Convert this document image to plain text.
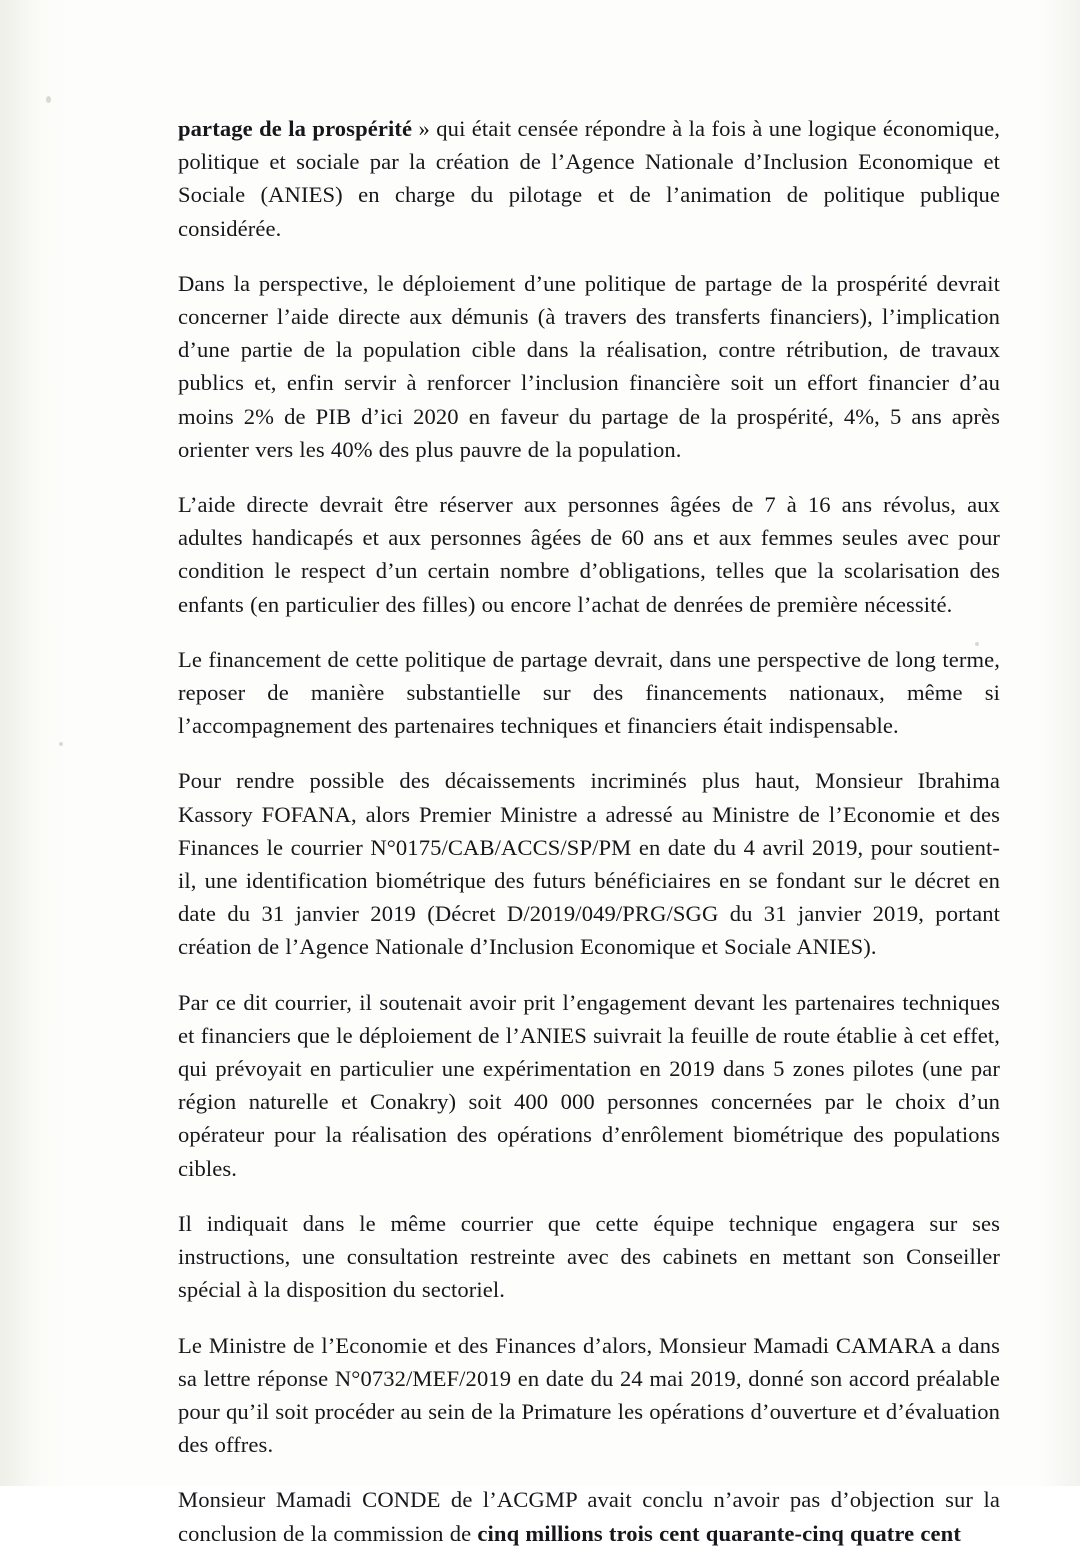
partage de la prospérité » qui était censée répondre à la fois à une logique économique, politique et sociale par la création de l’Agence Nationale d’Inclusion Economique et Sociale (ANIES) en charge du pilotage et de l’animation de politique publique considérée.

Dans la perspective, le déploiement d’une politique de partage de la prospérité devrait concerner l’aide directe aux démunis (à travers des transferts financiers), l’implication d’une partie de la population cible dans la réalisation, contre rétribution, de travaux publics et, enfin servir à renforcer l’inclusion financière soit un effort financier d’au moins 2% de PIB d’ici 2020 en faveur du partage de la prospérité, 4%, 5 ans après orienter vers les 40% des plus pauvre de la population.

L’aide directe devrait être réserver aux personnes âgées de 7 à 16 ans révolus, aux adultes handicapés et aux personnes âgées de 60 ans et aux femmes seules avec pour condition le respect d’un certain nombre d’obligations, telles que la scolarisation des enfants (en particulier des filles) ou encore l’achat de denrées de première nécessité.

Le financement de cette politique de partage devrait, dans une perspective de long terme, reposer de manière substantielle sur des financements nationaux, même si l’accompagnement des partenaires techniques et financiers était indispensable.

Pour rendre possible des décaissements incriminés plus haut, Monsieur Ibrahima Kassory FOFANA, alors Premier Ministre a adressé au Ministre de l’Economie et des Finances le courrier N°0175/CAB/ACCS/SP/PM en date du 4 avril 2019, pour soutient-il, une identification biométrique des futurs bénéficiaires en se fondant sur le décret en date du 31 janvier 2019 (Décret D/2019/049/PRG/SGG du 31 janvier 2019, portant création de l’Agence Nationale d’Inclusion Economique et Sociale ANIES).

Par ce dit courrier, il soutenait avoir prit l’engagement devant les partenaires techniques et financiers que le déploiement de l’ANIES suivrait la feuille de route établie à cet effet, qui prévoyait en particulier une expérimentation en 2019 dans 5 zones pilotes (une par région naturelle et Conakry) soit 400 000 personnes concernées par le choix d’un opérateur pour la réalisation des opérations d’enrôlement biométrique des populations cibles.

Il indiquait dans le même courrier que cette équipe technique engagera sur ses instructions, une consultation restreinte avec des cabinets en mettant son Conseiller spécial à la disposition du sectoriel.

Le Ministre de l’Economie et des Finances d’alors, Monsieur Mamadi CAMARA a dans sa lettre réponse N°0732/MEF/2019 en date du 24 mai 2019, donné son accord préalable pour qu’il soit procéder au sein de la Primature les opérations d’ouverture et d’évaluation des offres.

Monsieur Mamadi CONDE de l’ACGMP avait conclu n’avoir pas d’objection sur la conclusion de la commission de cinq millions trois cent quarante-cinq quatre cent
